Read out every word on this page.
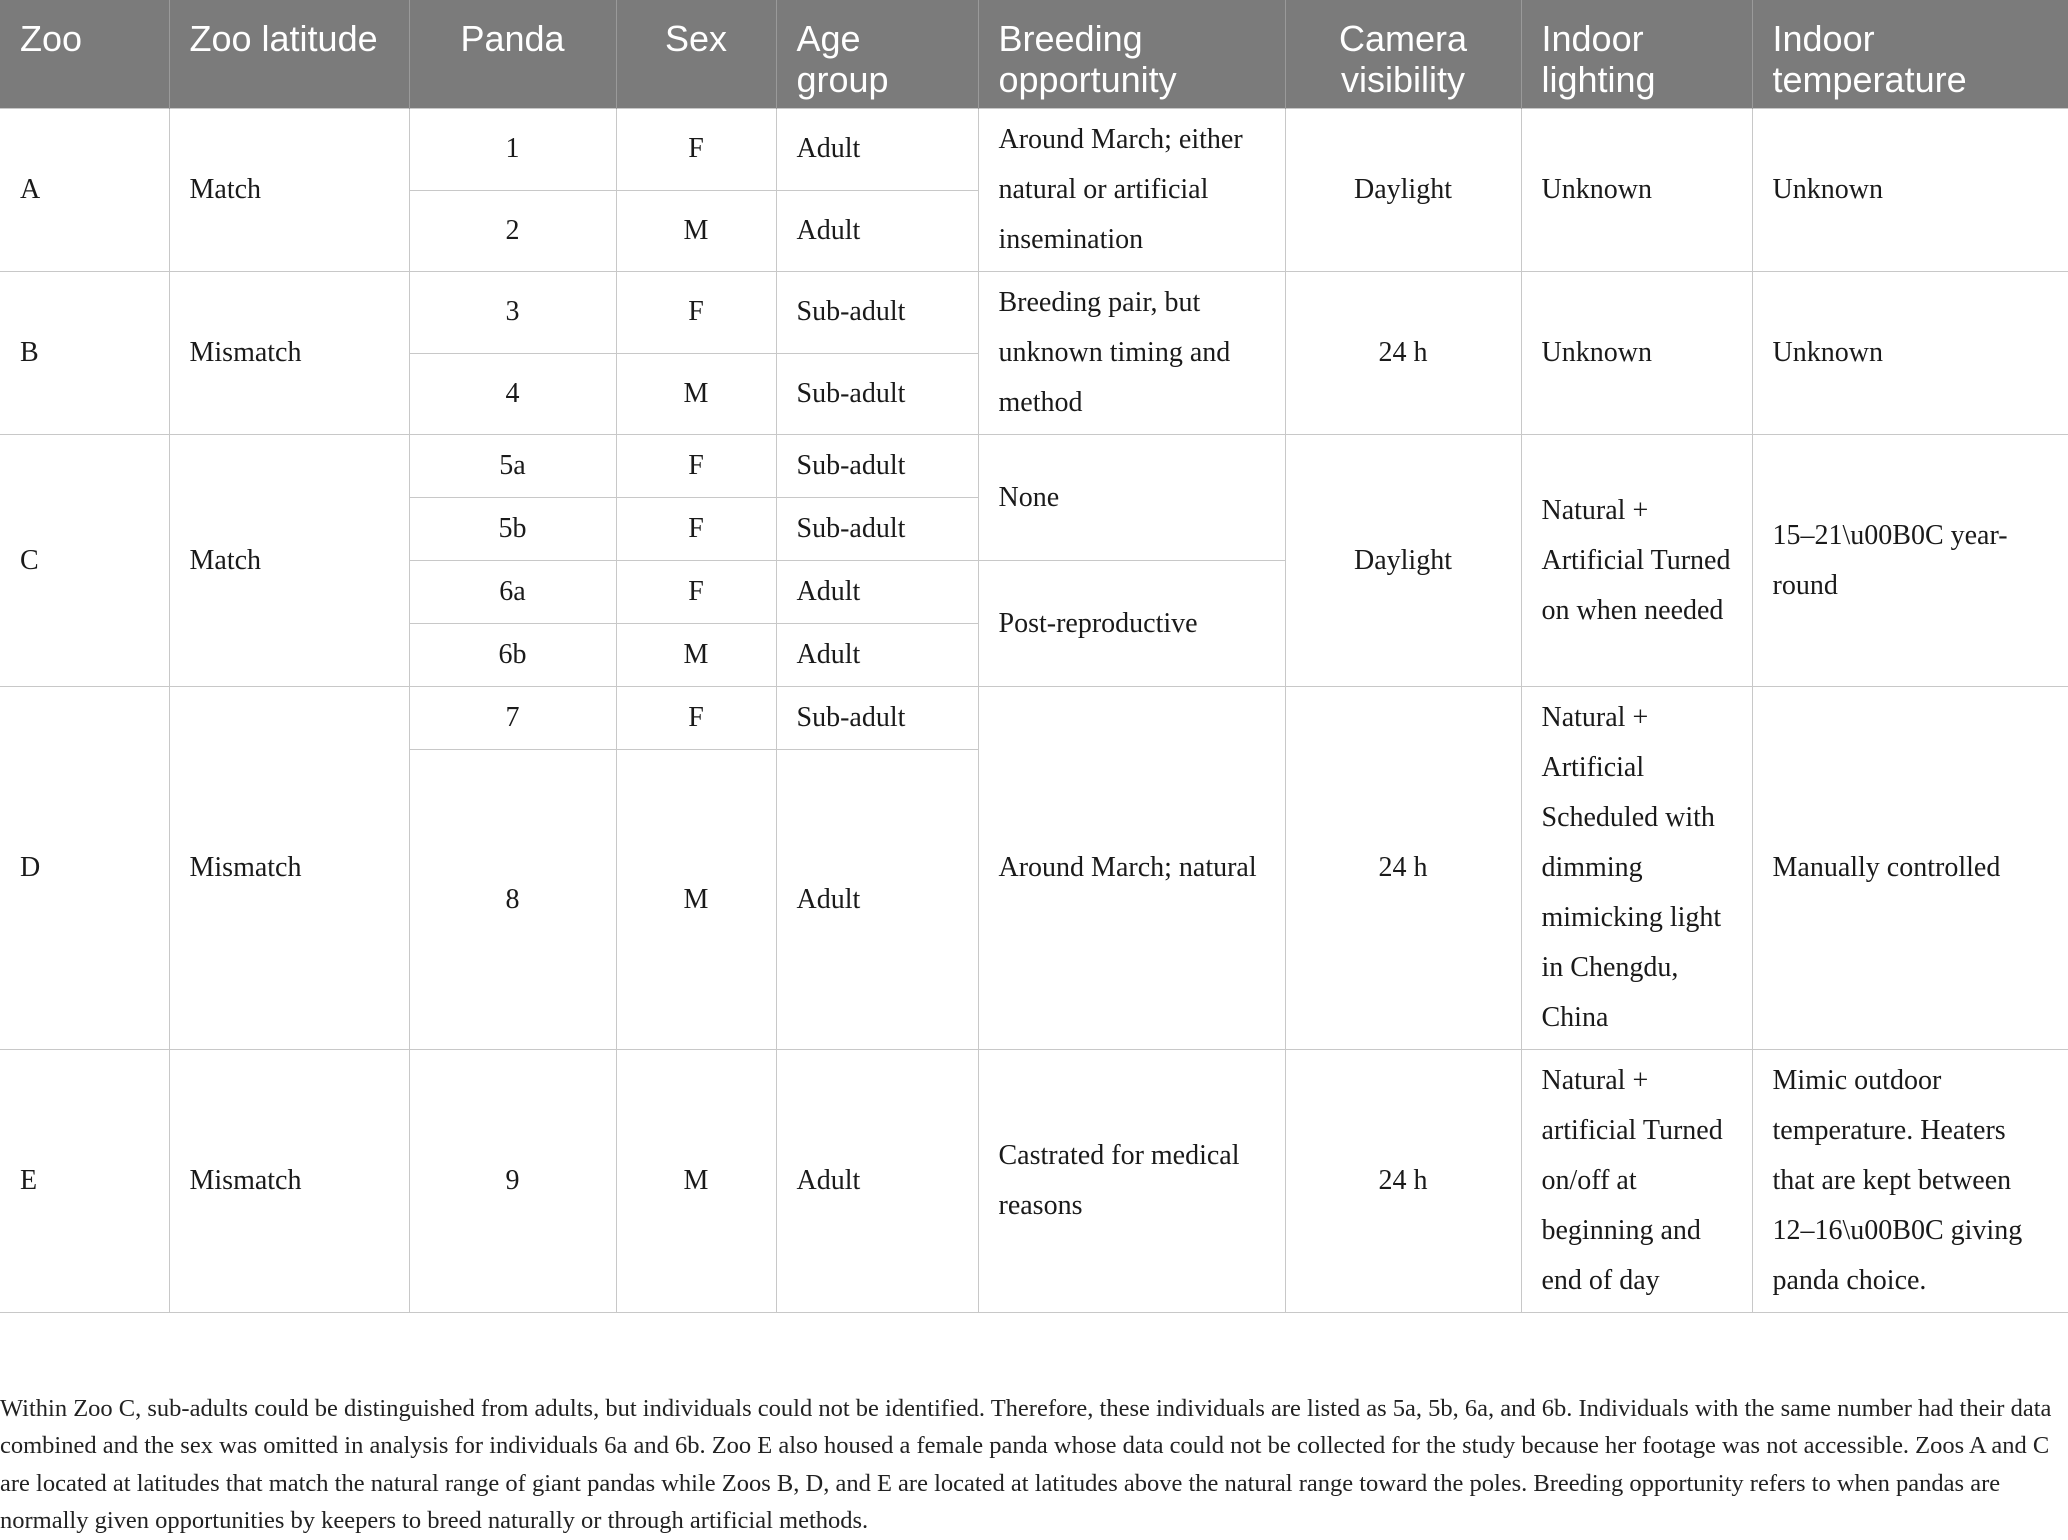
Zoo	Zoo latitude	Panda	Sex	Age group	Breeding opportunity	Camera visibility	Indoor lighting	Indoor temperature
A	Match	1	F	Adult	Around March; either natural or artificial insemination	Daylight	Unknown	Unknown
		2	M	Adult				
B	Mismatch	3	F	Sub-adult	Breeding pair, but unknown timing and method	24 h	Unknown	Unknown
		4	M	Sub-adult				
C	Match	5a	F	Sub-adult	None	Daylight	Natural + Artificial Turned on when needed	15–21\u00B0C year-round
		5b	F	Sub-adult				
		6a	F	Adult	Post-reproductive			
		6b	M	Adult				
D	Mismatch	7	F	Sub-adult	Around March; natural	24 h	Natural + Artificial Scheduled with dimming mimicking light in Chengdu, China	Manually controlled
		8	M	Adult				
E	Mismatch	9	M	Adult	Castrated for medical reasons	24 h	Natural + artificial Turned on/off at beginning and end of day	Mimic outdoor temperature. Heaters that are kept between 12–16\u00B0C giving panda choice.

Within Zoo C, sub-adults could be distinguished from adults, but individuals could not be identified. Therefore, these individuals are listed as 5a, 5b, 6a, and 6b. Individuals with the same number had their data combined and the sex was omitted in analysis for individuals 6a and 6b. Zoo E also housed a female panda whose data could not be collected for the study because her footage was not accessible. Zoos A and C are located at latitudes that match the natural range of giant pandas while Zoos B, D, and E are located at latitudes above the natural range toward the poles. Breeding opportunity refers to when pandas are normally given opportunities by keepers to breed naturally or through artificial methods.
